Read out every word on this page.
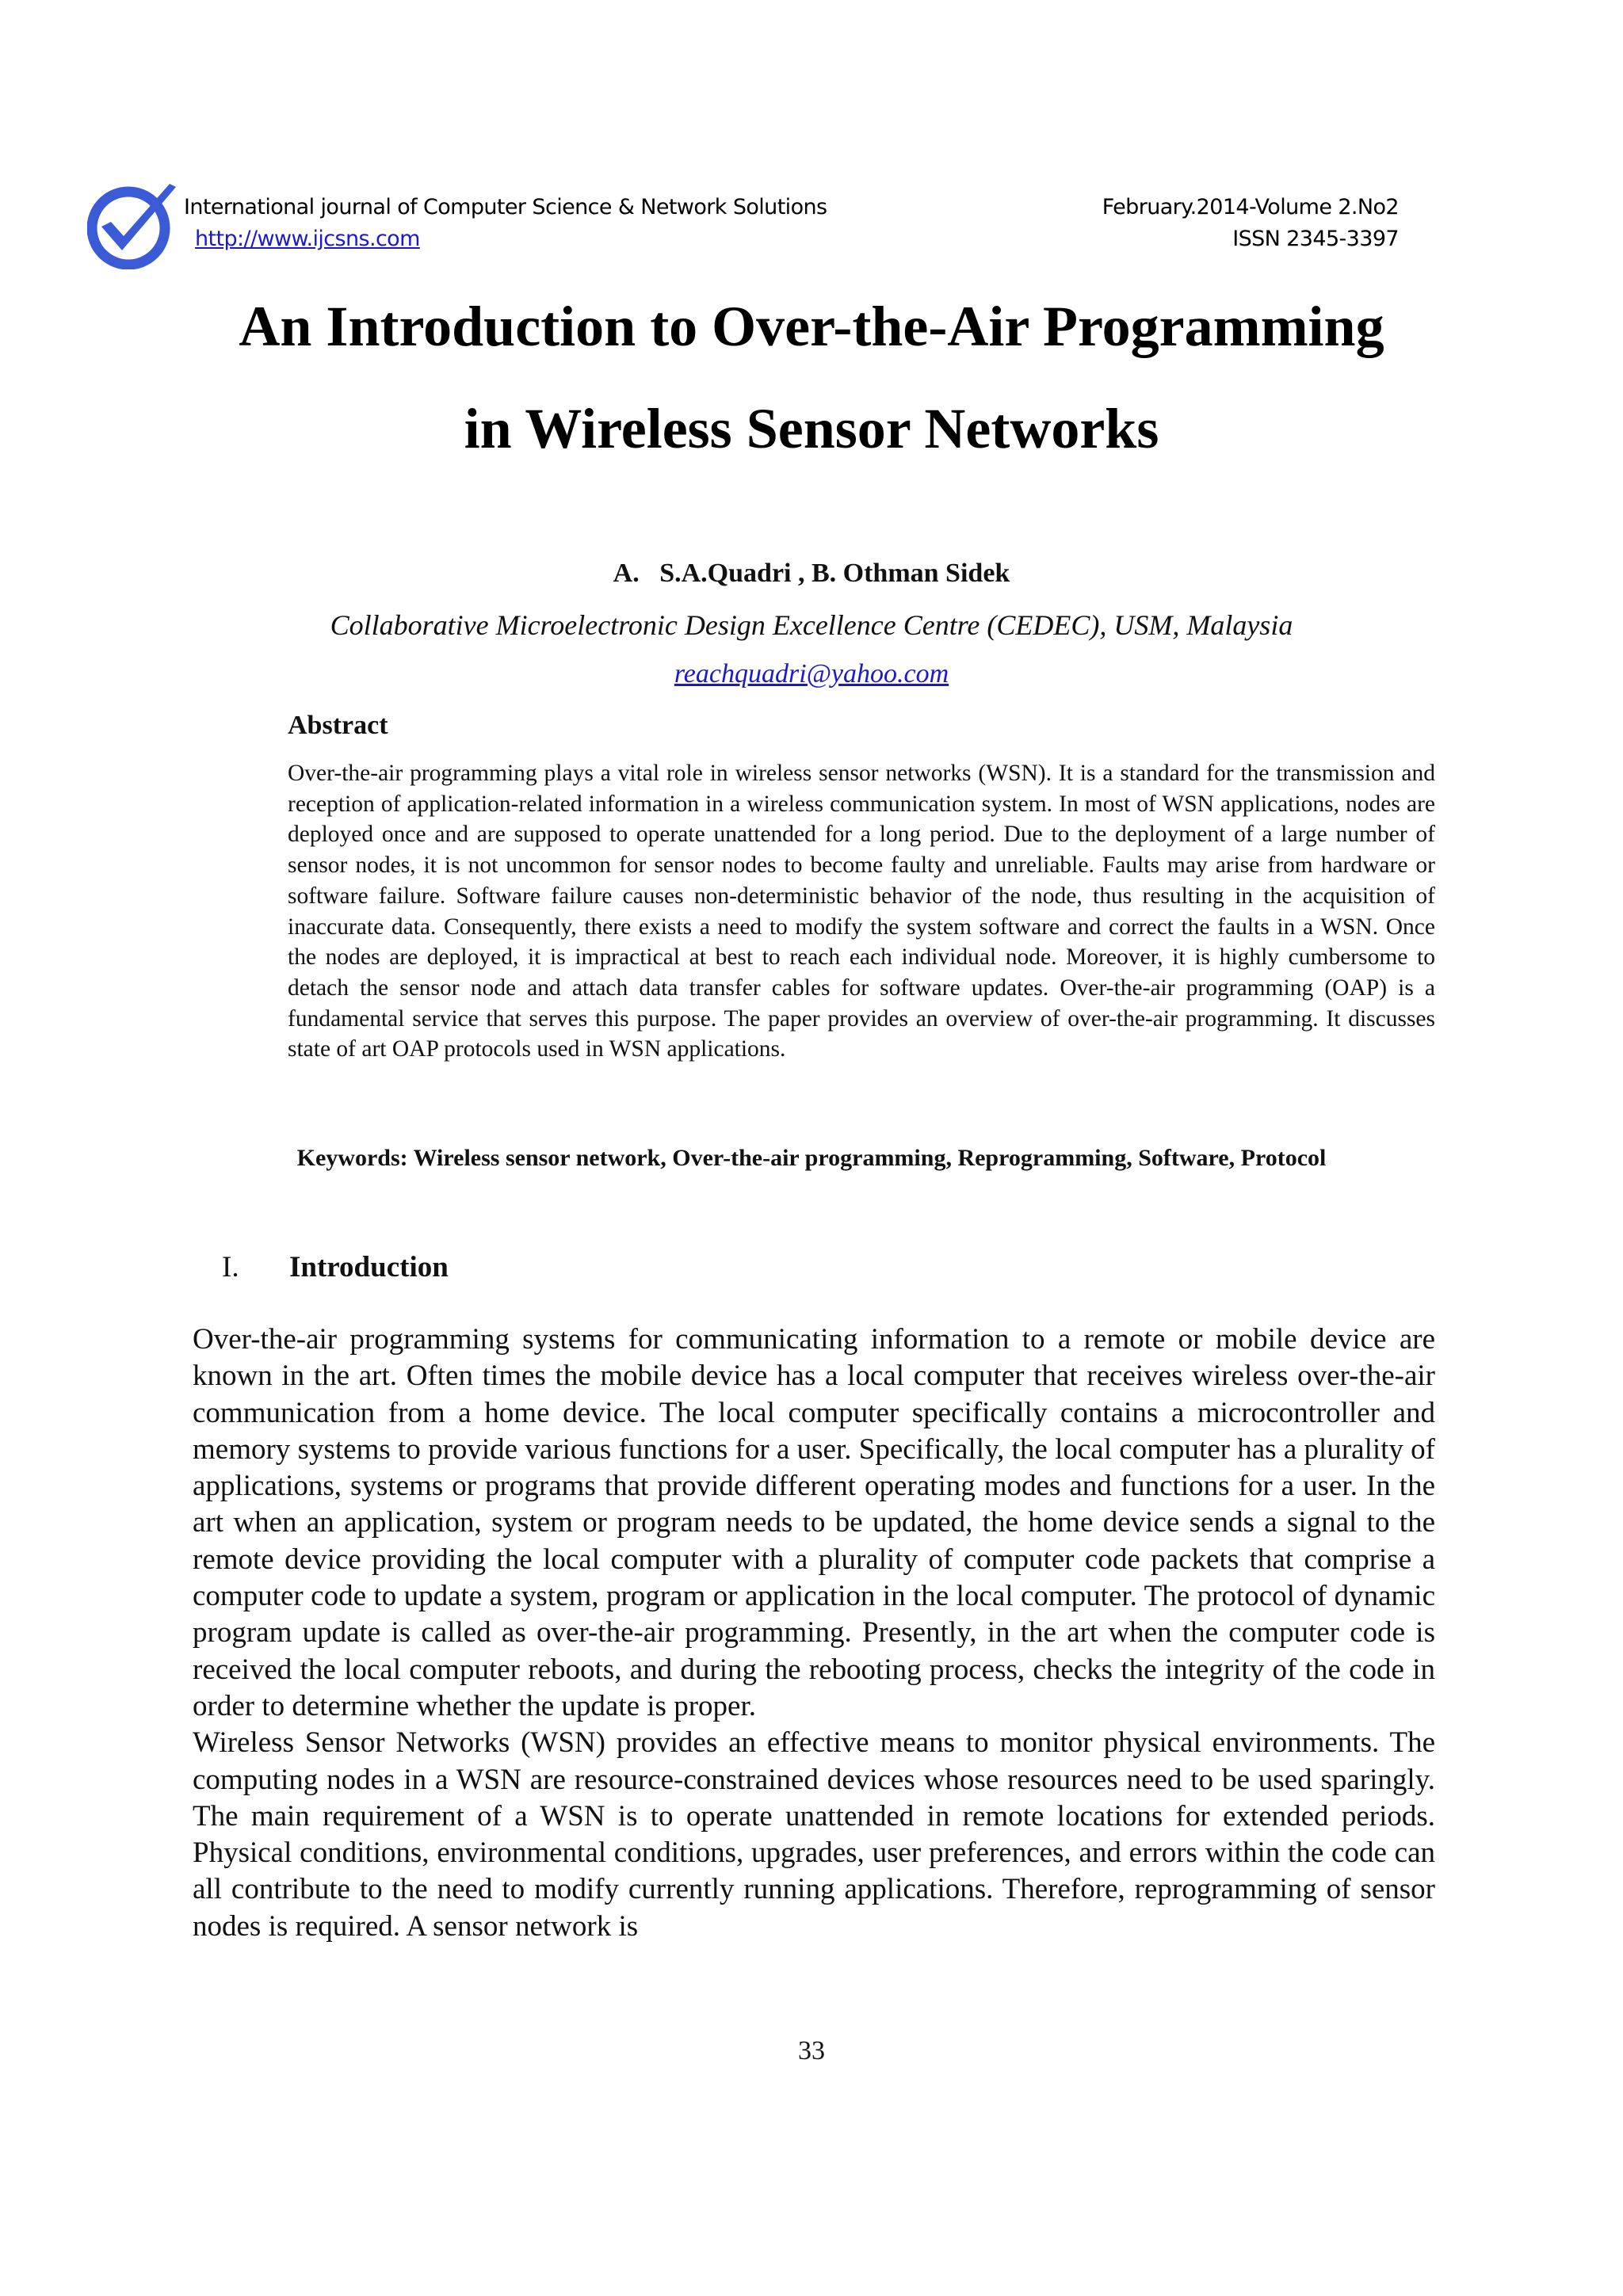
International journal of Computer Science & Network Solutions
http://www.ijcsns.com
February.2014-Volume 2.No2
ISSN 2345-3397
An Introduction to Over-the-Air Programming
in Wireless Sensor Networks
A.   S.A.Quadri , B. Othman Sidek
Collaborative Microelectronic Design Excellence Centre (CEDEC), USM, Malaysia
reachquadri@yahoo.com
Abstract

Over-the-air programming plays a vital role in wireless sensor networks (WSN). It is a standard for the transmission and reception of application-related information in a wireless communication system. In most of WSN applications, nodes are deployed once and are supposed to operate unattended for a long period. Due to the deployment of a large number of sensor nodes, it is not uncommon for sensor nodes to become faulty and unreliable. Faults may arise from hardware or software failure. Software failure causes non-deterministic behavior of the node, thus resulting in the acquisition of inaccurate data. Consequently, there exists a need to modify the system software and correct the faults in a WSN. Once the nodes are deployed, it is impractical at best to reach each individual node. Moreover, it is highly cumbersome to detach the sensor node and attach data transfer cables for software updates. Over-the-air programming (OAP) is a fundamental service that serves this purpose. The paper provides an overview of over-the-air programming. It discusses state of art OAP protocols used in WSN applications.

Keywords: Wireless sensor network, Over-the-air programming, Reprogramming, Software, Protocol
I. Introduction

Over-the-air programming systems for communicating information to a remote or mobile device are known in the art. Often times the mobile device has a local computer that receives wireless over-the-air communication from a home device. The local computer specifically contains a microcontroller and memory systems to provide various functions for a user. Specifically, the local computer has a plurality of applications, systems or programs that provide different operating modes and functions for a user. In the art when an application, system or program needs to be updated, the home device sends a signal to the remote device providing the local computer with a plurality of computer code packets that comprise a computer code to update a system, program or application in the local computer. The protocol of dynamic program update is called as over-the-air programming. Presently, in the art when the computer code is received the local computer reboots, and during the rebooting process, checks the integrity of the code in order to determine whether the update is proper.

Wireless Sensor Networks (WSN) provides an effective means to monitor physical environments. The computing nodes in a WSN are resource-constrained devices whose resources need to be used sparingly. The main requirement of a WSN is to operate unattended in remote locations for extended periods. Physical conditions, environmental conditions, upgrades, user preferences, and errors within the code can all contribute to the need to modify currently running applications. Therefore, reprogramming of sensor nodes is required. A sensor network is

33
